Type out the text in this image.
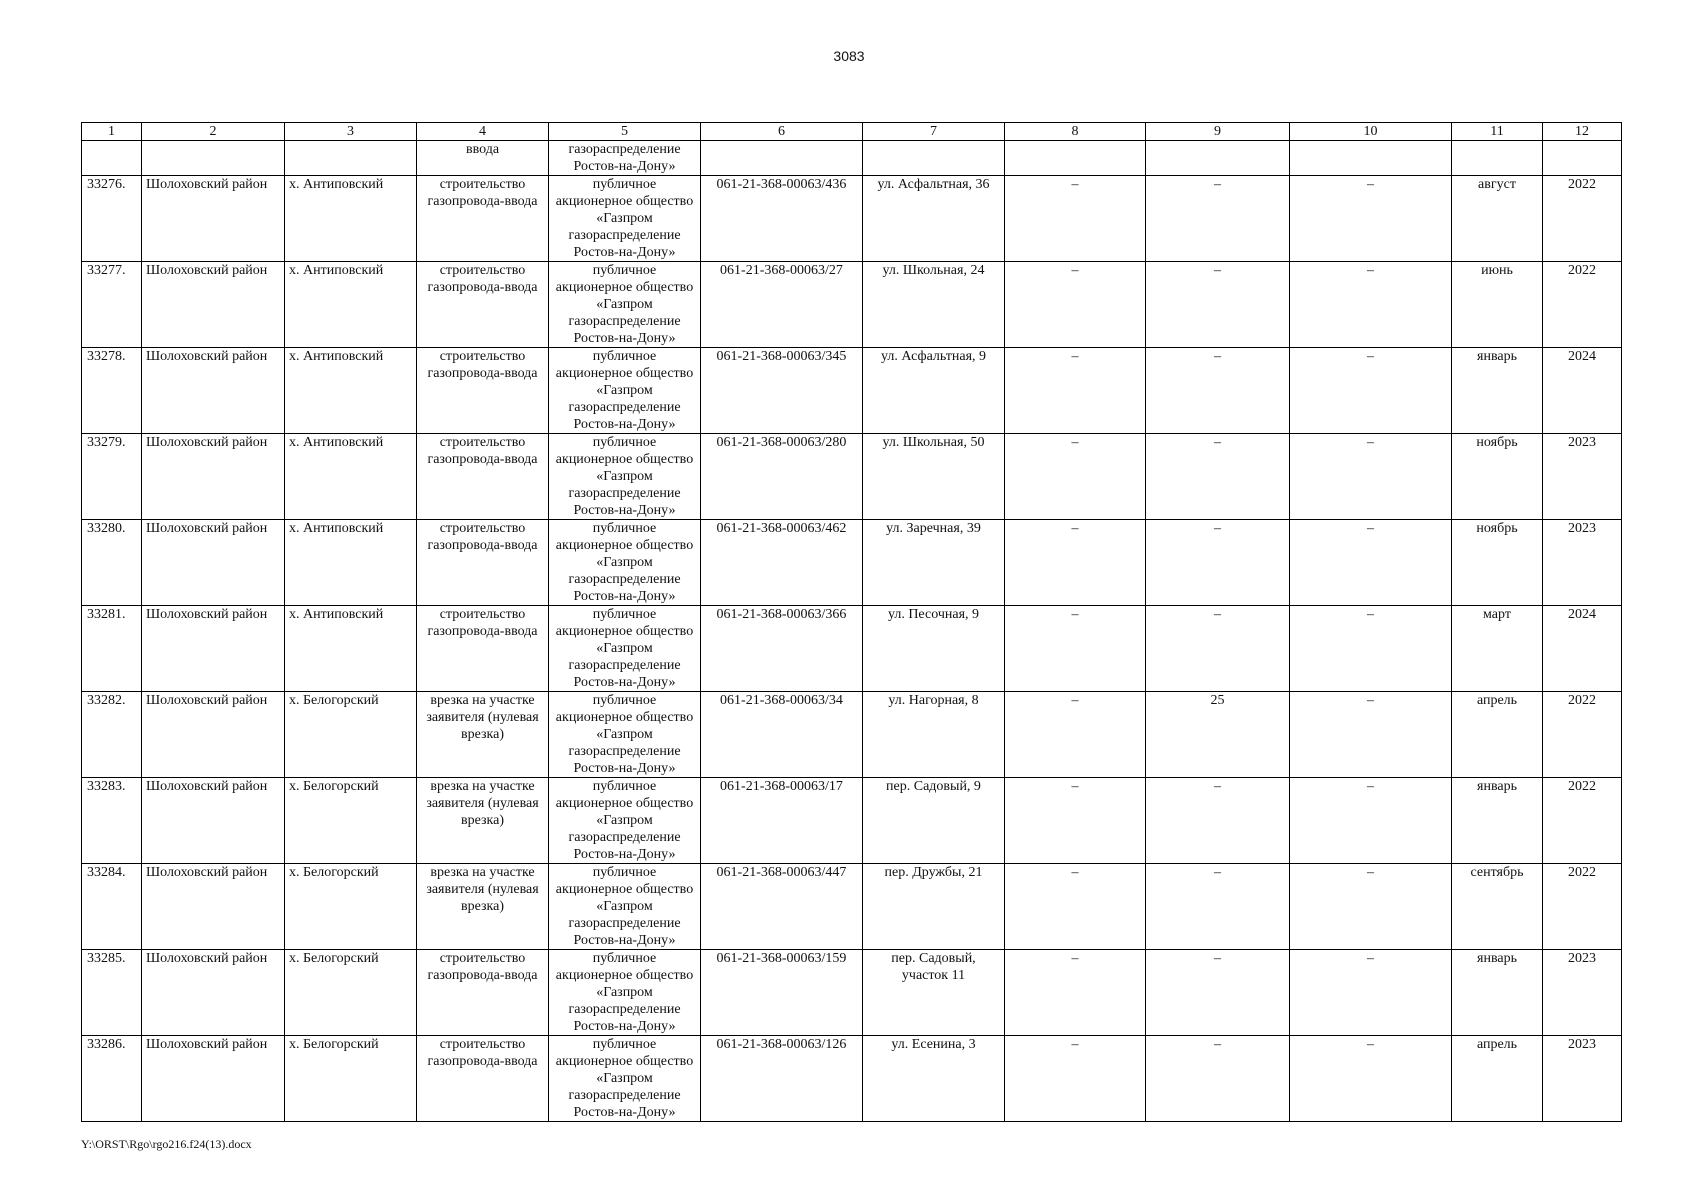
3083
1	2	3	4	5	6	7	8	9	10	11	12
			ввода	газораспределение Ростов-на-Дону»							
33276.	Шолоховский район	х. Антиповский	строительство газопровода-ввода	публичное акционерное общество «Газпром газораспределение Ростов-на-Дону»	061-21-368-00063/436	ул. Асфальтная, 36	–	–	–	август	2022
33277.	Шолоховский район	х. Антиповский	строительство газопровода-ввода	публичное акционерное общество «Газпром газораспределение Ростов-на-Дону»	061-21-368-00063/27	ул. Школьная, 24	–	–	–	июнь	2022
33278.	Шолоховский район	х. Антиповский	строительство газопровода-ввода	публичное акционерное общество «Газпром газораспределение Ростов-на-Дону»	061-21-368-00063/345	ул. Асфальтная, 9	–	–	–	январь	2024
33279.	Шолоховский район	х. Антиповский	строительство газопровода-ввода	публичное акционерное общество «Газпром газораспределение Ростов-на-Дону»	061-21-368-00063/280	ул. Школьная, 50	–	–	–	ноябрь	2023
33280.	Шолоховский район	х. Антиповский	строительство газопровода-ввода	публичное акционерное общество «Газпром газораспределение Ростов-на-Дону»	061-21-368-00063/462	ул. Заречная, 39	–	–	–	ноябрь	2023
33281.	Шолоховский район	х. Антиповский	строительство газопровода-ввода	публичное акционерное общество «Газпром газораспределение Ростов-на-Дону»	061-21-368-00063/366	ул. Песочная, 9	–	–	–	март	2024
33282.	Шолоховский район	х. Белогорский	врезка на участке заявителя (нулевая врезка)	публичное акционерное общество «Газпром газораспределение Ростов-на-Дону»	061-21-368-00063/34	ул. Нагорная, 8	–	25	–	апрель	2022
33283.	Шолоховский район	х. Белогорский	врезка на участке заявителя (нулевая врезка)	публичное акционерное общество «Газпром газораспределение Ростов-на-Дону»	061-21-368-00063/17	пер. Садовый, 9	–	–	–	январь	2022
33284.	Шолоховский район	х. Белогорский	врезка на участке заявителя (нулевая врезка)	публичное акционерное общество «Газпром газораспределение Ростов-на-Дону»	061-21-368-00063/447	пер. Дружбы, 21	–	–	–	сентябрь	2022
33285.	Шолоховский район	х. Белогорский	строительство газопровода-ввода	публичное акционерное общество «Газпром газораспределение Ростов-на-Дону»	061-21-368-00063/159	пер. Садовый, участок 11	–	–	–	январь	2023
33286.	Шолоховский район	х. Белогорский	строительство газопровода-ввода	публичное акционерное общество «Газпром газораспределение Ростов-на-Дону»	061-21-368-00063/126	ул. Есенина, 3	–	–	–	апрель	2023
Y:\ORST\Rgo\rgo216.f24(13).docx
